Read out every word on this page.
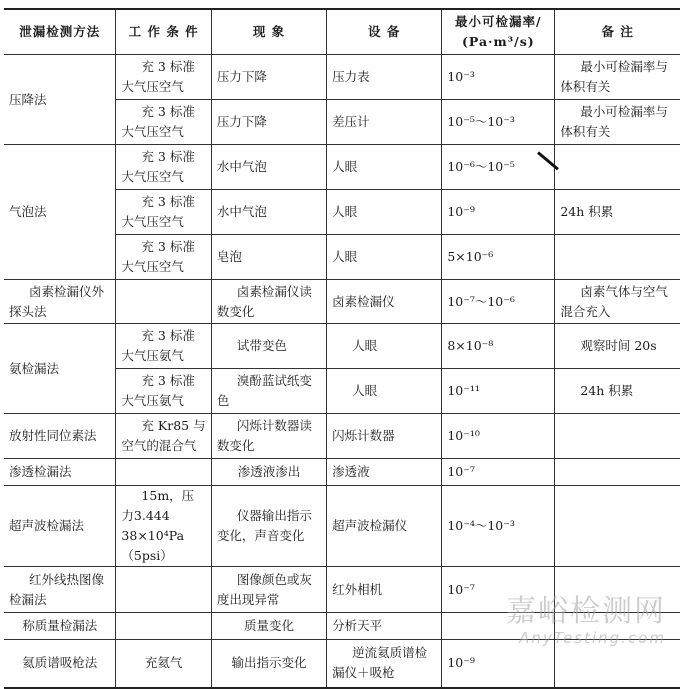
泄漏检测方法	工 作 条 件	现 象	设 备	最小可检漏率/
(Pa·m³/s)	备 注
压降法	充 3 标准大气压空气	压力下降	压力表	10⁻³	最小可检漏率与体积有关
	充 3 标准大气压空气	压力下降	差压计	10⁻⁵～10⁻³	最小可检漏率与体积有关
气泡法	充 3 标准大气压空气	水中气泡	人眼	10⁻⁶～10⁻⁵	
	充 3 标准大气压空气	水中气泡	人眼	10⁻⁹	24h 积累
	充 3 标准大气压空气	皂泡	人眼	5×10⁻⁶	
卤素检漏仪外探头法		卤素检漏仪读数变化	卤素检漏仪	10⁻⁷～10⁻⁶	卤素气体与空气混合充入
氨检漏法	充 3 标准大气压氨气	试带变色	人眼	8×10⁻⁸	观察时间 20s
	充 3 标准大气压氨气	溴酚蓝试纸变色	人眼	10⁻¹¹	24h 积累
放射性同位素法	充 Kr85 与空气的混合气	闪烁计数器读数变化	闪烁计数器	10⁻¹⁰	
渗透检漏法		渗透液渗出	渗透液	10⁻⁷	
超声波检漏法	15m，压力3.444 38×10⁴Pa（5psi）	仪器输出指示变化，声音变化	超声波检漏仪	10⁻⁴～10⁻³	
红外线热图像检漏法		图像颜色或灰度出现异常	红外相机	10⁻⁷	
称质量检漏法		质量变化	分析天平		
氦质谱吸枪法	充氦气	输出指示变化	逆流氦质谱检漏仪＋吸枪	10⁻⁹	
嘉峪检测网
AnyTesting.com
